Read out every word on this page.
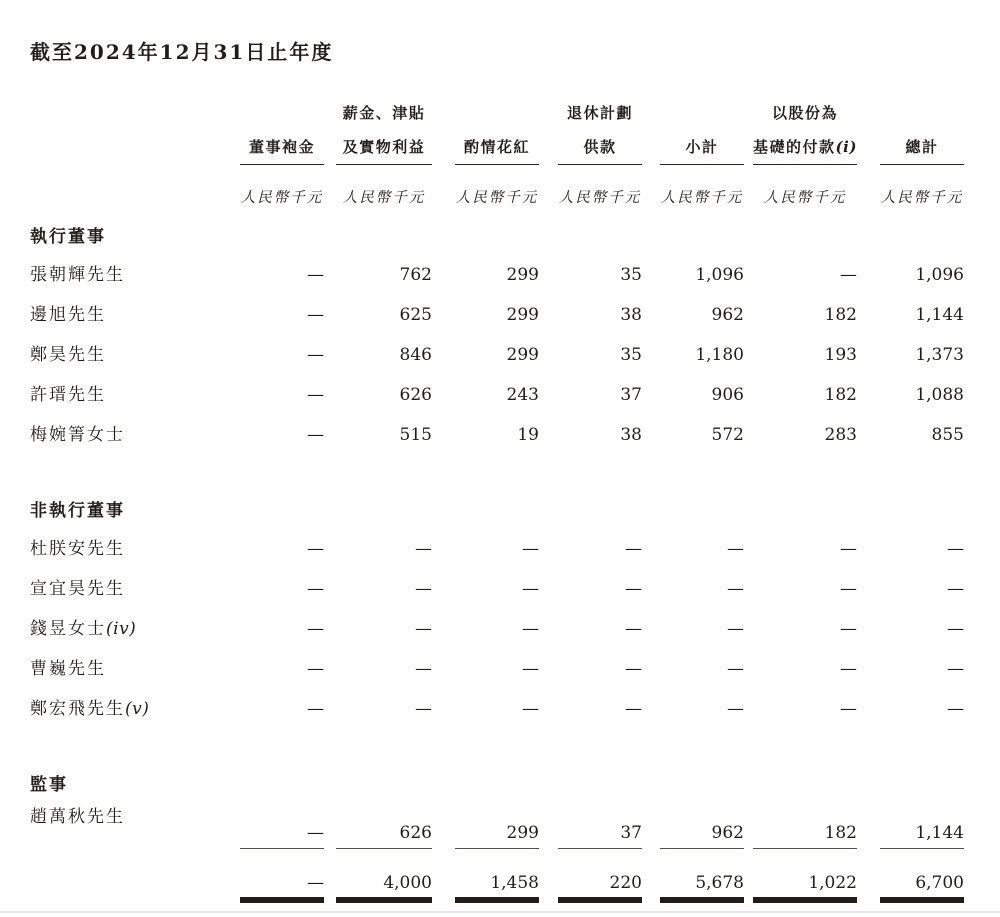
截至2024年12月31日止年度

		薪金、津貼		退休計劃		以股份為	

	董事袍金	及實物利益	酌情花紅	供款	小計	基礎的付款(i)	總計

	人民幣千元	人民幣千元	人民幣千元	人民幣千元	人民幣千元	人民幣千元	人民幣千元

執行董事							
張朝輝先生	—	762	299	35	1,096	—	1,096

邊旭先生	—	625	299	38	962	182	1,144

鄭昊先生	—	846	299	35	1,180	193	1,373

許瑨先生	—	626	243	37	906	182	1,088

梅婉箐女士	—	515	19	38	572	283	855

非執行董事							
杜朕安先生	—	—	—	—	—	—	—

宣宜昊先生	—	—	—	—	—	—	—

錢昱女士(iv)	—	—	—	—	—	—	—

曹巍先生	—	—	—	—	—	—	—

鄭宏飛先生(v)	—	—	—	—	—	—	—

監事							
趙萬秋先生	—	626	299	37	962	182	1,144

	—	4,000	1,458	220	5,678	1,022	6,700
